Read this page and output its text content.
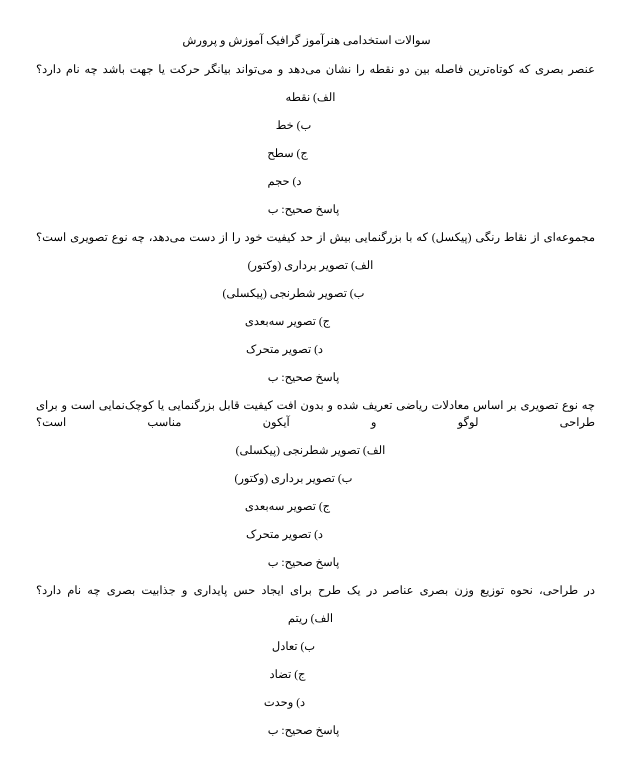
سوالات استخدامی هنرآموز گرافیک آموزش و پرورش
عنصر بصری که کوتاه‌ترین فاصله بین دو نقطه را نشان می‌دهد و می‌تواند بیانگر حرکت یا جهت باشد چه نام دارد؟
الف) نقطه
ب) خط
ج) سطح
د) حجم
پاسخ صحیح: ب
مجموعه‌ای از نقاط رنگی (پیکسل) که با بزرگنمایی بیش از حد کیفیت خود را از دست می‌دهد، چه نوع تصویری است؟
الف) تصویر برداری (وکتور)
ب) تصویر شطرنجی (پیکسلی)
ج) تصویر سه‌بعدی
د) تصویر متحرک
پاسخ صحیح: ب
چه نوع تصویری بر اساس معادلات ریاضی تعریف شده و بدون افت کیفیت قابل بزرگنمایی یا کوچک‌نمایی است و برای طراحی لوگو و آیکون مناسب است؟
الف) تصویر شطرنجی (پیکسلی)
ب) تصویر برداری (وکتور)
ج) تصویر سه‌بعدی
د) تصویر متحرک
پاسخ صحیح: ب
در طراحی، نحوه توزیع وزن بصری عناصر در یک طرح برای ایجاد حس پایداری و جذابیت بصری چه نام دارد؟
الف) ریتم
ب) تعادل
ج) تضاد
د) وحدت
پاسخ صحیح: ب
